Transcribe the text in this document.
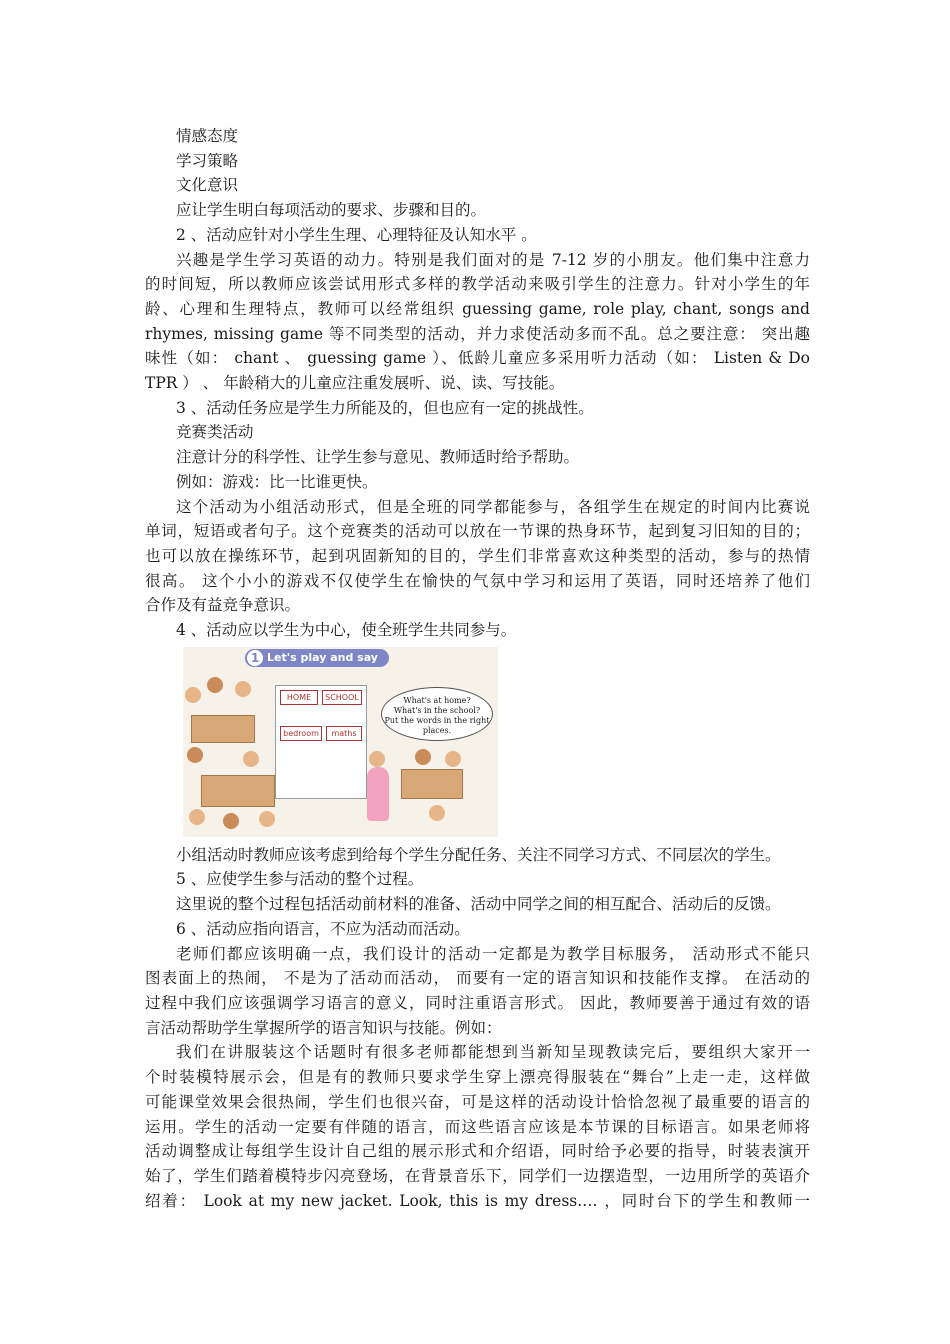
情感态度
学习策略
文化意识
应让学生明白每项活动的要求、步骤和目的。
2 、活动应针对小学生生理、心理特征及认知水平 。
兴趣是学生学习英语的动力。特别是我们面对的是 7-12 岁的小朋友。他们集中注意力
的时间短，所以教师应该尝试用形式多样的教学活动来吸引学生的注意力。针对小学生的年
龄、心理和生理特点，教师可以经常组织 guessing game, role play, chant, songs and
rhymes, missing game 等不同类型的活动，并力求使活动多而不乱。总之要注意： 突出趣
味性（如： chant 、 guessing game ）、低龄儿童应多采用听力活动（如： Listen & Do
TPR ） 、 年龄稍大的儿童应注重发展听、说、读、写技能。
3 、活动任务应是学生力所能及的，但也应有一定的挑战性。
竞赛类活动
注意计分的科学性、让学生参与意见、教师适时给予帮助。
例如：游戏：比一比谁更快。
这个活动为小组活动形式，但是全班的同学都能参与，各组学生在规定的时间内比赛说
单词，短语或者句子。这个竞赛类的活动可以放在一节课的热身环节，起到复习旧知的目的；
也可以放在操练环节，起到巩固新知的目的，学生们非常喜欢这种类型的活动，参与的热情
很高。 这个小小的游戏不仅使学生在愉快的气氛中学习和运用了英语，同时还培养了他们
合作及有益竞争意识。
4 、活动应以学生为中心，使全班学生共同参与。
1 Let's play and say
HOME	SCHOOL
bedroom	maths
What's at home?
What's in the school?
Put the words in the right places.
小组活动时教师应该考虑到给每个学生分配任务、关注不同学习方式、不同层次的学生。
5 、应使学生参与活动的整个过程。
这里说的整个过程包括活动前材料的准备、活动中同学之间的相互配合、活动后的反馈。
6 、活动应指向语言，不应为活动而活动。
老师们都应该明确一点，我们设计的活动一定都是为教学目标服务， 活动形式不能只
图表面上的热闹， 不是为了活动而活动， 而要有一定的语言知识和技能作支撑。 在活动的
过程中我们应该强调学习语言的意义，同时注重语言形式。 因此，教师要善于通过有效的语
言活动帮助学生掌握所学的语言知识与技能。例如：
我们在讲服装这个话题时有很多老师都能想到当新知呈现教读完后，要组织大家开一
个时装模特展示会，但是有的教师只要求学生穿上漂亮得服装在“舞台”上走一走，这样做
可能课堂效果会很热闹，学生们也很兴奋，可是这样的活动设计恰恰忽视了最重要的语言的
运用。学生的活动一定要有伴随的语言，而这些语言应该是本节课的目标语言。如果老师将
活动调整成让每组学生设计自己组的展示形式和介绍语，同时给予必要的指导，时装表演开
始了，学生们踏着模特步闪亮登场，在背景音乐下，同学们一边摆造型，一边用所学的英语介
绍着： Look at my new jacket. Look, this is my dress.… ，同时台下的学生和教师一
